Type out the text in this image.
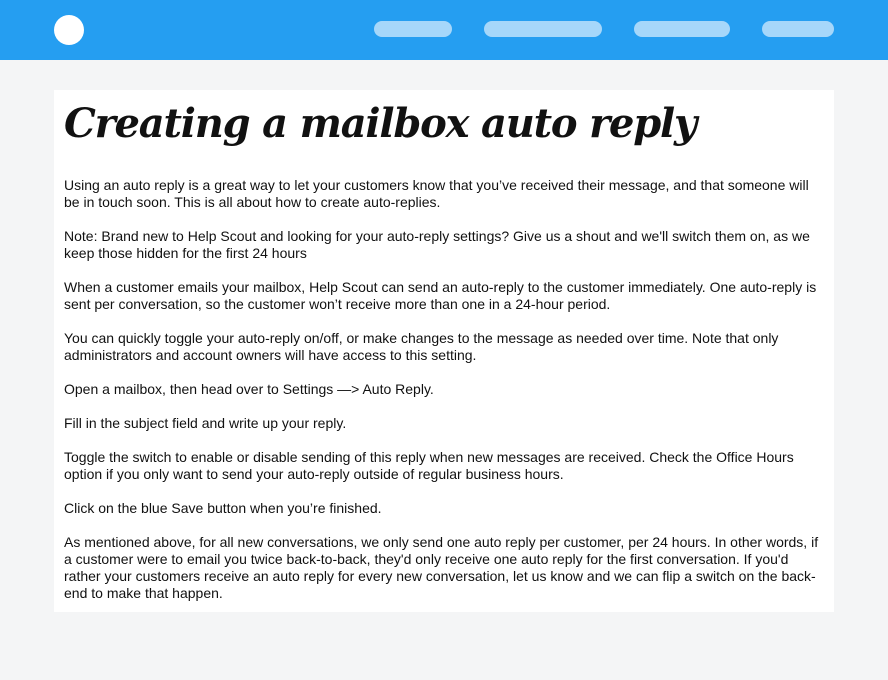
Creating a mailbox auto reply

Using an auto reply is a great way to let your customers know that you’ve received their message, and that someone will be in touch soon. This is all about how to create auto-replies.

Note: Brand new to Help Scout and looking for your auto-reply settings? Give us a shout and we'll switch them on, as we keep those hidden for the first 24 hours

When a customer emails your mailbox, Help Scout can send an auto-reply to the customer immediately. One auto-reply is sent per conversation, so the customer won’t receive more than one in a 24-hour period.

You can quickly toggle your auto-reply on/off, or make changes to the message as needed over time. Note that only administrators and account owners will have access to this setting.

Open a mailbox, then head over to Settings —> Auto Reply.

Fill in the subject field and write up your reply.

Toggle the switch to enable or disable sending of this reply when new messages are received. Check the Office Hours option if you only want to send your auto-reply outside of regular business hours.

Click on the blue Save button when you’re finished.

As mentioned above, for all new conversations, we only send one auto reply per customer, per 24 hours. In other words, if a customer were to email you twice back-to-back, they'd only receive one auto reply for the first conversation. If you'd rather your customers receive an auto reply for every new conversation, let us know and we can flip a switch on the back-end to make that happen.
